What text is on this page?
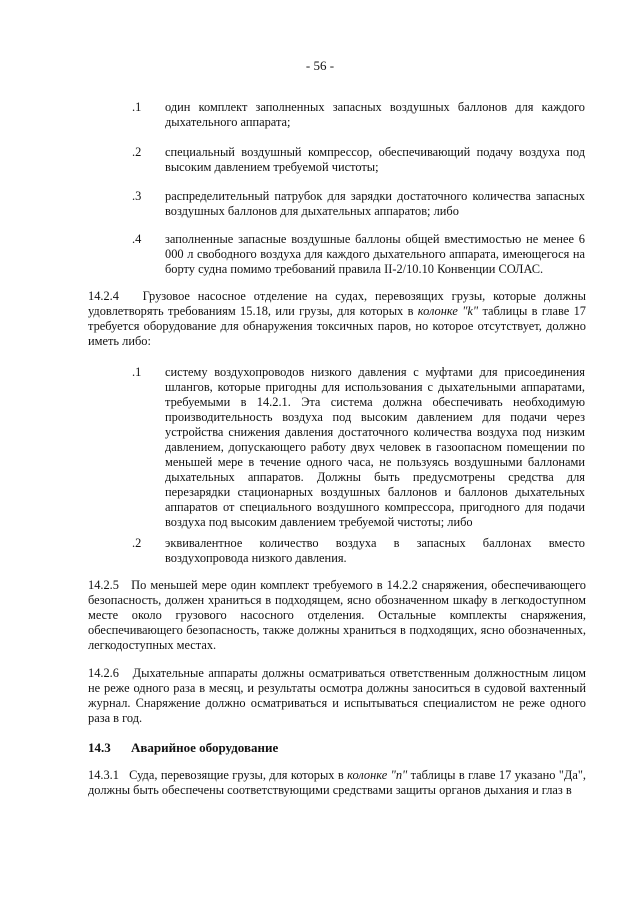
- 56 -
.1 один комплект заполненных запасных воздушных баллонов для каждого дыхательного аппарата;
.2 специальный воздушный компрессор, обеспечивающий подачу воздуха под высоким давлением требуемой чистоты;
.3 распределительный патрубок для зарядки достаточного количества запасных воздушных баллонов для дыхательных аппаратов; либо
.4 заполненные запасные воздушные баллоны общей вместимостью не менее 6 000 л свободного воздуха для каждого дыхательного аппарата, имеющегося на борту судна помимо требований правила II-2/10.10 Конвенции СОЛАС.
14.2.4 Грузовое насосное отделение на судах, перевозящих грузы, которые должны удовлетворять требованиям 15.18, или грузы, для которых в колонке "k" таблицы в главе 17 требуется оборудование для обнаружения токсичных паров, но которое отсутствует, должно иметь либо:
.1 систему воздухопроводов низкого давления с муфтами для присоединения шлангов, которые пригодны для использования с дыхательными аппаратами, требуемыми в 14.2.1. Эта система должна обеспечивать необходимую производительность воздуха под высоким давлением для подачи через устройства снижения давления достаточного количества воздуха под низким давлением, допускающего работу двух человек в газоопасном помещении по меньшей мере в течение одного часа, не пользуясь воздушными баллонами дыхательных аппаратов. Должны быть предусмотрены средства для перезарядки стационарных воздушных баллонов и баллонов дыхательных аппаратов от специального воздушного компрессора, пригодного для подачи воздуха под высоким давлением требуемой чистоты; либо
.2 эквивалентное количество воздуха в запасных баллонах вместо воздухопровода низкого давления.
14.2.5 По меньшей мере один комплект требуемого в 14.2.2 снаряжения, обеспечивающего безопасность, должен храниться в подходящем, ясно обозначенном шкафу в легкодоступном месте около грузового насосного отделения. Остальные комплекты снаряжения, обеспечивающего безопасность, также должны храниться в подходящих, ясно обозначенных, легкодоступных местах.
14.2.6 Дыхательные аппараты должны осматриваться ответственным должностным лицом не реже одного раза в месяц, и результаты осмотра должны заноситься в судовой вахтенный журнал. Снаряжение должно осматриваться и испытываться специалистом не реже одного раза в год.
14.3 Аварийное оборудование
14.3.1 Суда, перевозящие грузы, для которых в колонке "n" таблицы в главе 17 указано "Да", должны быть обеспечены соответствующими средствами защиты органов дыхания и глаз в
